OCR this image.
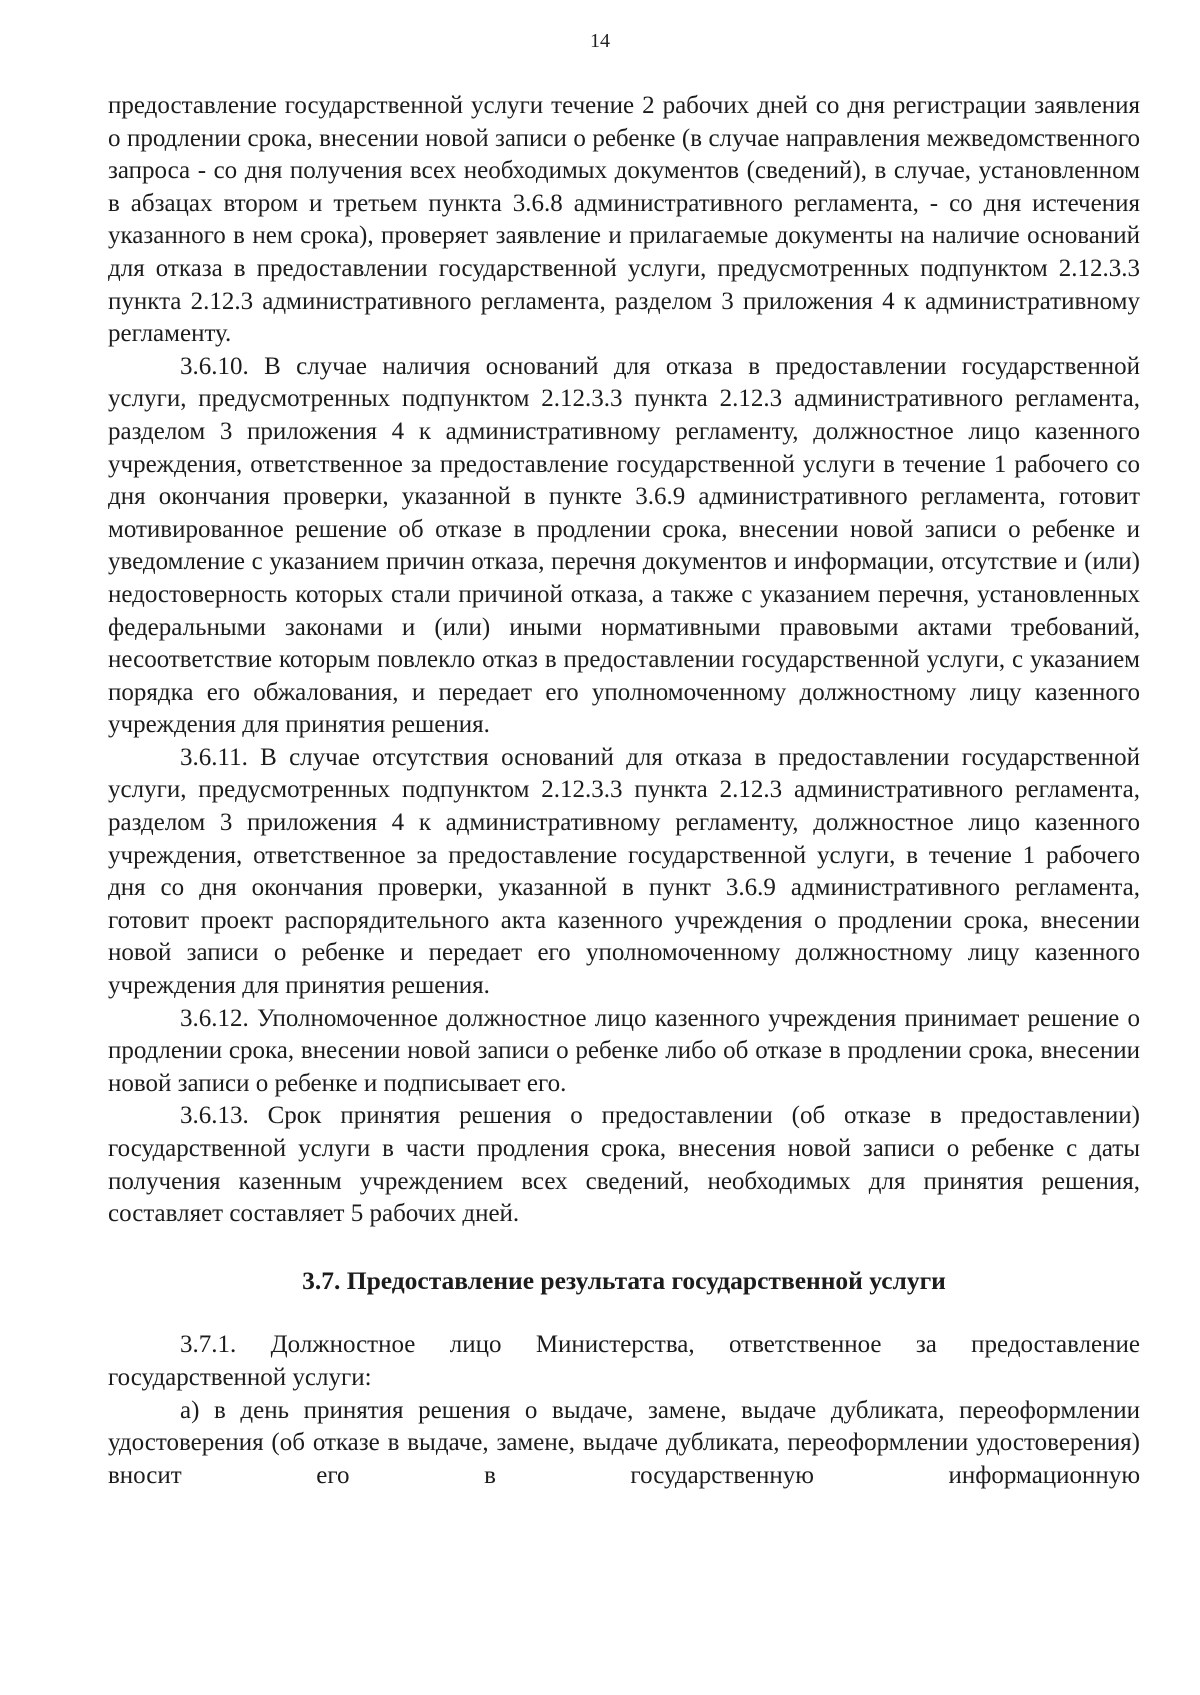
14

предоставление государственной услуги течение 2 рабочих дней со дня регистрации заявления о продлении срока, внесении новой записи о ребенке (в случае направления межведомственного запроса - со дня получения всех необходимых документов (сведений), в случае, установленном в абзацах втором и третьем пункта 3.6.8 административного регламента, - со дня истечения указанного в нем срока), проверяет заявление и прилагаемые документы на наличие оснований для отказа в предоставлении государственной услуги, предусмотренных подпунктом 2.12.3.3 пункта 2.12.3 административного регламента, разделом 3 приложения 4 к административному регламенту.

3.6.10. В случае наличия оснований для отказа в предоставлении государственной услуги, предусмотренных подпунктом 2.12.3.3 пункта 2.12.3 административного регламента, разделом 3 приложения 4 к административному регламенту, должностное лицо казенного учреждения, ответственное за предоставление государственной услуги в течение 1 рабочего со дня окончания проверки, указанной в пункте 3.6.9 административного регламента, готовит мотивированное решение об отказе в продлении срока, внесении новой записи о ребенке и уведомление с указанием причин отказа, перечня документов и информации, отсутствие и (или) недостоверность которых стали причиной отказа, а также с указанием перечня, установленных федеральными законами и (или) иными нормативными правовыми актами требований, несоответствие которым повлекло отказ в предоставлении государственной услуги, с указанием порядка его обжалования, и передает его уполномоченному должностному лицу казенного учреждения для принятия решения.

3.6.11. В случае отсутствия оснований для отказа в предоставлении государственной услуги, предусмотренных подпунктом 2.12.3.3 пункта 2.12.3 административного регламента, разделом 3 приложения 4 к административному регламенту, должностное лицо казенного учреждения, ответственное за предоставление государственной услуги, в течение 1 рабочего дня со дня окончания проверки, указанной в пункт 3.6.9 административного регламента, готовит проект распорядительного акта казенного учреждения о продлении срока, внесении новой записи о ребенке и передает его уполномоченному должностному лицу казенного учреждения для принятия решения.

3.6.12. Уполномоченное должностное лицо казенного учреждения принимает решение о продлении срока, внесении новой записи о ребенке либо об отказе в продлении срока, внесении новой записи о ребенке и подписывает его.

3.6.13. Срок принятия решения о предоставлении (об отказе в предоставлении) государственной услуги в части продления срока, внесения новой записи о ребенке с даты получения казенным учреждением всех сведений, необходимых для принятия решения, составляет составляет 5 рабочих дней.

3.7. Предоставление результата государственной услуги

3.7.1. Должностное лицо Министерства, ответственное за предоставление государственной услуги:

а) в день принятия решения о выдаче, замене, выдаче дубликата, переоформлении удостоверения (об отказе в выдаче, замене, выдаче дубликата, переоформлении удостоверения) вносит его в государственную информационную
